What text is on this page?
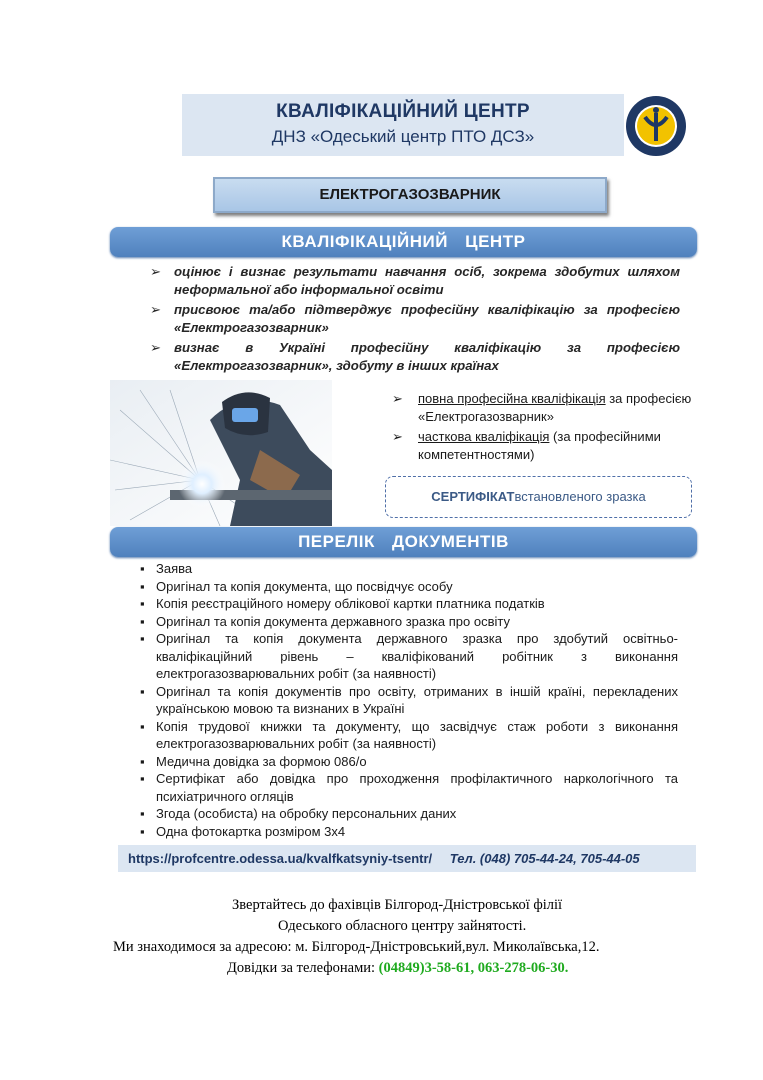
КВАЛІФІКАЦІЙНИЙ ЦЕНТР
ДНЗ «Одеський центр ПТО ДСЗ»
ЕЛЕКТРОГАЗОЗВАРНИК
КВАЛІФІКАЦІЙНИЙ ЦЕНТР
➢ оцінює і визнає результати навчання осіб, зокрема здобутих шляхом неформальної або інформальної освіти
➢ присвоює та/або підтверджує професійну кваліфікацію за професією «Електрогазозварник»
➢ визнає в Україні професійну кваліфікацію за професією «Електрогазозварник», здобуту в інших країнах
➢	повна професійна кваліфікація за професією «Електрогазозварник»
➢	часткова кваліфікація (за професійними компетентностями)
СЕРТИФІКАТвстановленого зразка
ПЕРЕЛІК ДОКУМЕНТІВ
▪ Заява
▪ Оригінал та копія документа, що посвідчує особу
▪ Копія реєстраційного номеру облікової картки платника податків
▪ Оригінал та копія документа державного зразка про освіту
▪ Оригінал та копія документа державного зразка про здобутий освітньо-кваліфікаційний рівень – кваліфікований робітник з виконання електрогазозварювальних робіт (за наявності)
▪ Оригінал та копія документів про освіту, отриманих в іншій країні, перекладених українською мовою та визнаних в Україні
▪ Копія трудової книжки та документу, що засвідчує стаж роботи з виконання електрогазозварювальних робіт (за наявності)
▪ Медична довідка за формою 086/о
▪ Сертифікат або довідка про проходження профілактичного наркологічного та психіатричного огляців
▪ Згода (особиста) на обробку персональних даних
▪ Одна фотокартка розміром 3х4
https://profcentre.odessa.ua/kvalfkatsyniy-tsentr/ Тел. (048) 705-44-24, 705-44-05
Звертайтесь до фахівців Білгород-Дністровської філії
Одеського обласного центру зайнятості.
Ми знаходимося за адресою: м. Білгород-Дністровський,вул. Миколаївська,12.
Довідки за телефонами: (04849)3-58-61, 063-278-06-30.
